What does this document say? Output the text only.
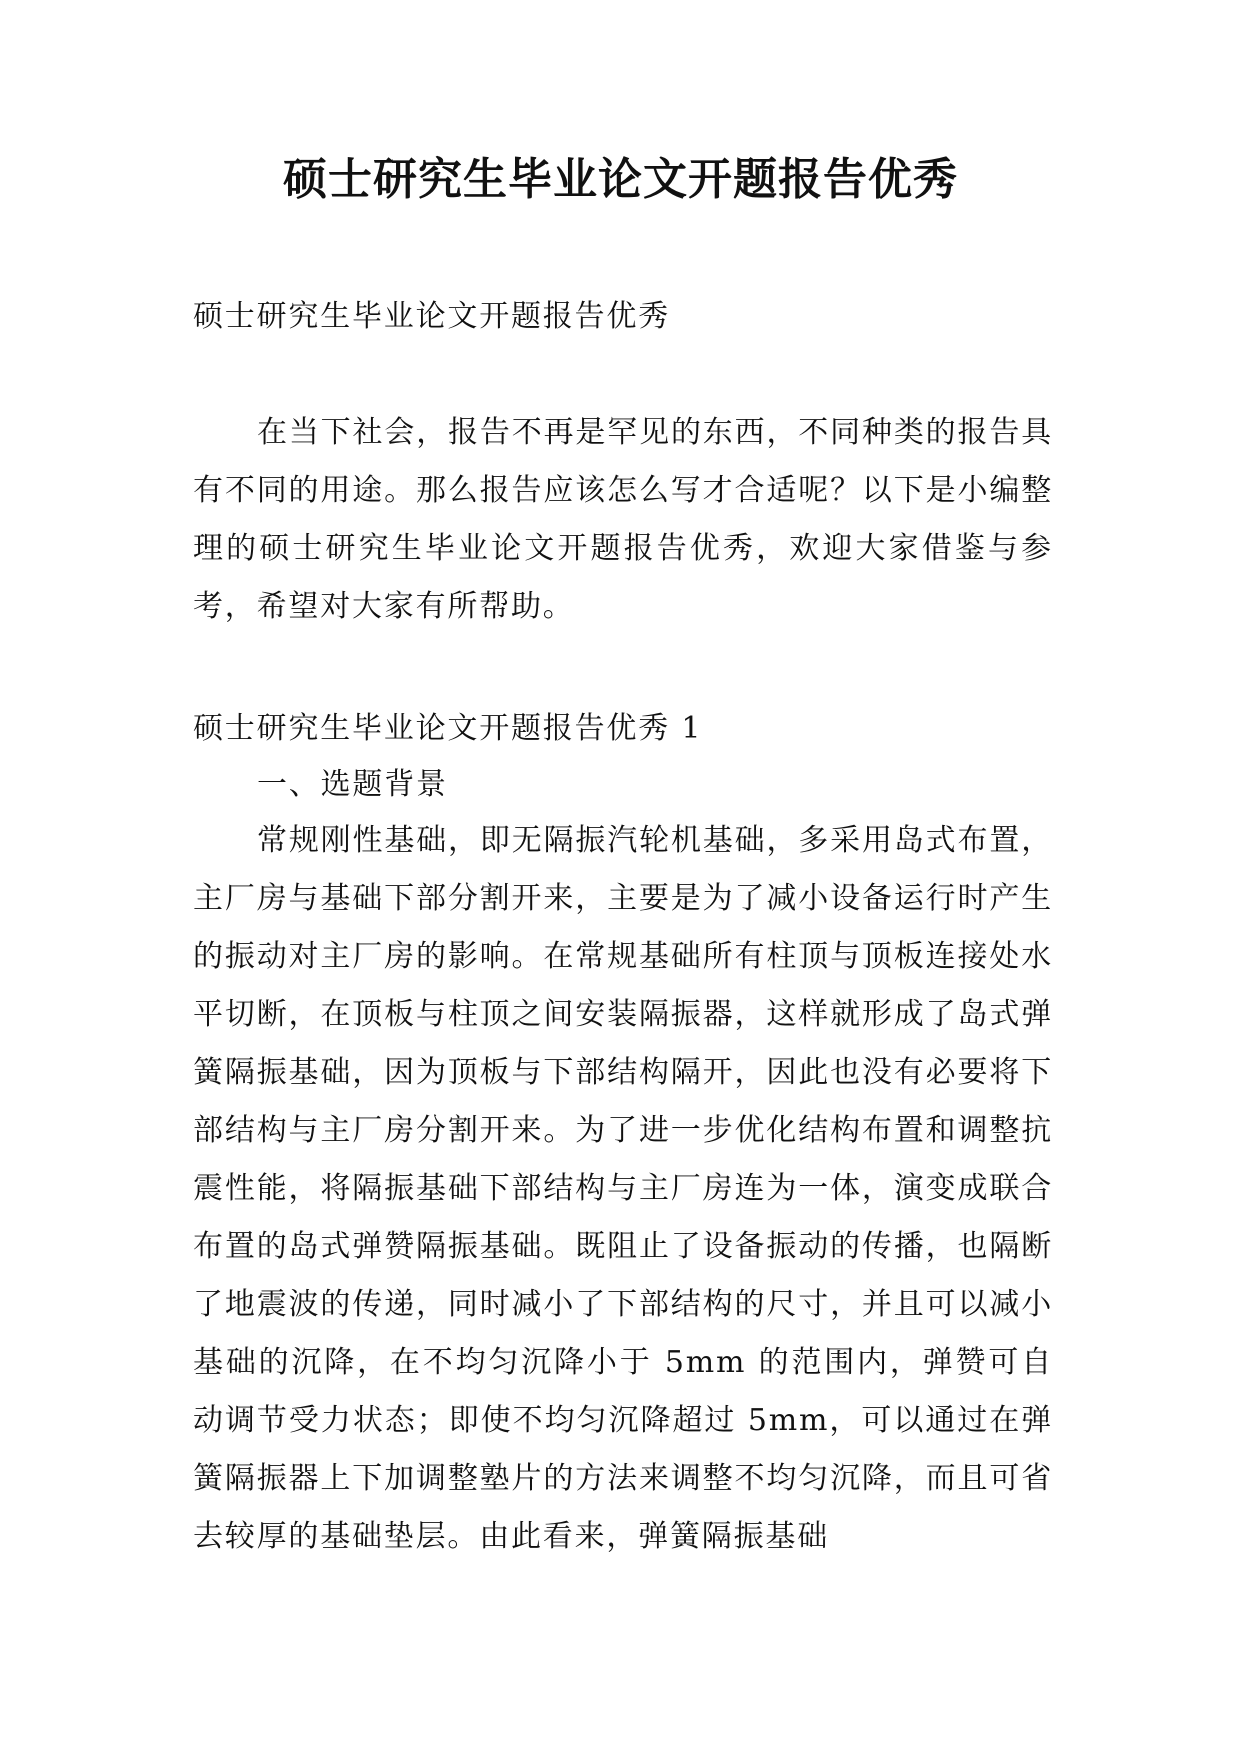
硕士研究生毕业论文开题报告优秀

硕士研究生毕业论文开题报告优秀

在当下社会，报告不再是罕见的东西，不同种类的报告具有不同的用途。那么报告应该怎么写才合适呢？以下是小编整理的硕士研究生毕业论文开题报告优秀，欢迎大家借鉴与参考，希望对大家有所帮助。

硕士研究生毕业论文开题报告优秀 1

一、选题背景

常规刚性基础，即无隔振汽轮机基础，多采用岛式布置，主厂房与基础下部分割开来，主要是为了减小设备运行时产生的振动对主厂房的影响。在常规基础所有柱顶与顶板连接处水平切断，在顶板与柱顶之间安装隔振器，这样就形成了岛式弹簧隔振基础，因为顶板与下部结构隔开，因此也没有必要将下部结构与主厂房分割开来。为了进一步优化结构布置和调整抗震性能，将隔振基础下部结构与主厂房连为一体，演变成联合布置的岛式弹赞隔振基础。既阻止了设备振动的传播，也隔断了地震波的传递，同时减小了下部结构的尺寸，并且可以减小基础的沉降，在不均匀沉降小于 5mm 的范围内，弹赞可自动调节受力状态；即使不均匀沉降超过 5mm，可以通过在弹簧隔振器上下加调整塾片的方法来调整不均匀沉降，而且可省去较厚的基础垫层。由此看来，弹簧隔振基础
